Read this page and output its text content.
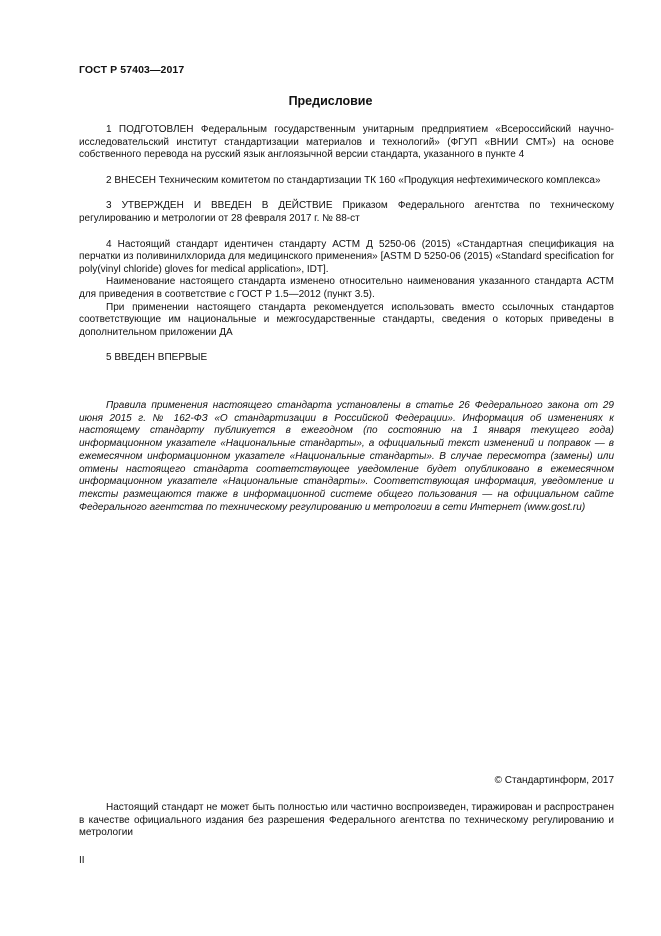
ГОСТ Р 57403—2017
Предисловие

1 ПОДГОТОВЛЕН Федеральным государственным унитарным предприятием «Всероссийский научно-исследовательский институт стандартизации материалов и технологий» (ФГУП «ВНИИ СМТ») на основе собственного перевода на русский язык англоязычной версии стандарта, указанного в пункте 4

2 ВНЕСЕН Техническим комитетом по стандартизации ТК 160 «Продукция нефтехимического комплекса»

3 УТВЕРЖДЕН И ВВЕДЕН В ДЕЙСТВИЕ Приказом Федерального агентства по техническому регулированию и метрологии от 28 февраля 2017 г. № 88-ст

4 Настоящий стандарт идентичен стандарту АСТМ Д 5250-06 (2015) «Стандартная спецификация на перчатки из поливинилхлорида для медицинского применения» [ASTM D 5250-06 (2015) «Standard specification for poly(vinyl chloride) gloves for medical application», IDT].

Наименование настоящего стандарта изменено относительно наименования указанного стандарта АСТМ для приведения в соответствие с ГОСТ Р 1.5—2012 (пункт 3.5).

При применении настоящего стандарта рекомендуется использовать вместо ссылочных стандартов соответствующие им национальные и межгосударственные стандарты, сведения о которых приведены в дополнительном приложении ДА

5 ВВЕДЕН ВПЕРВЫЕ

Правила применения настоящего стандарта установлены в статье 26 Федерального закона от 29 июня 2015 г. № 162-ФЗ «О стандартизации в Российской Федерации». Информация об изменениях к настоящему стандарту публикуется в ежегодном (по состоянию на 1 января текущего года) информационном указателе «Национальные стандарты», а официальный текст изменений и поправок — в ежемесячном информационном указателе «Национальные стандарты». В случае пересмотра (замены) или отмены настоящего стандарта соответствующее уведомление будет опубликовано в ежемесячном информационном указателе «Национальные стандарты». Соответствующая информация, уведомление и тексты размещаются также в информационной системе общего пользования — на официальном сайте Федерального агентства по техническому регулированию и метрологии в сети Интернет (www.gost.ru)

© Стандартинформ, 2017

Настоящий стандарт не может быть полностью или частично воспроизведен, тиражирован и распространен в качестве официального издания без разрешения Федерального агентства по техническому регулированию и метрологии

II
